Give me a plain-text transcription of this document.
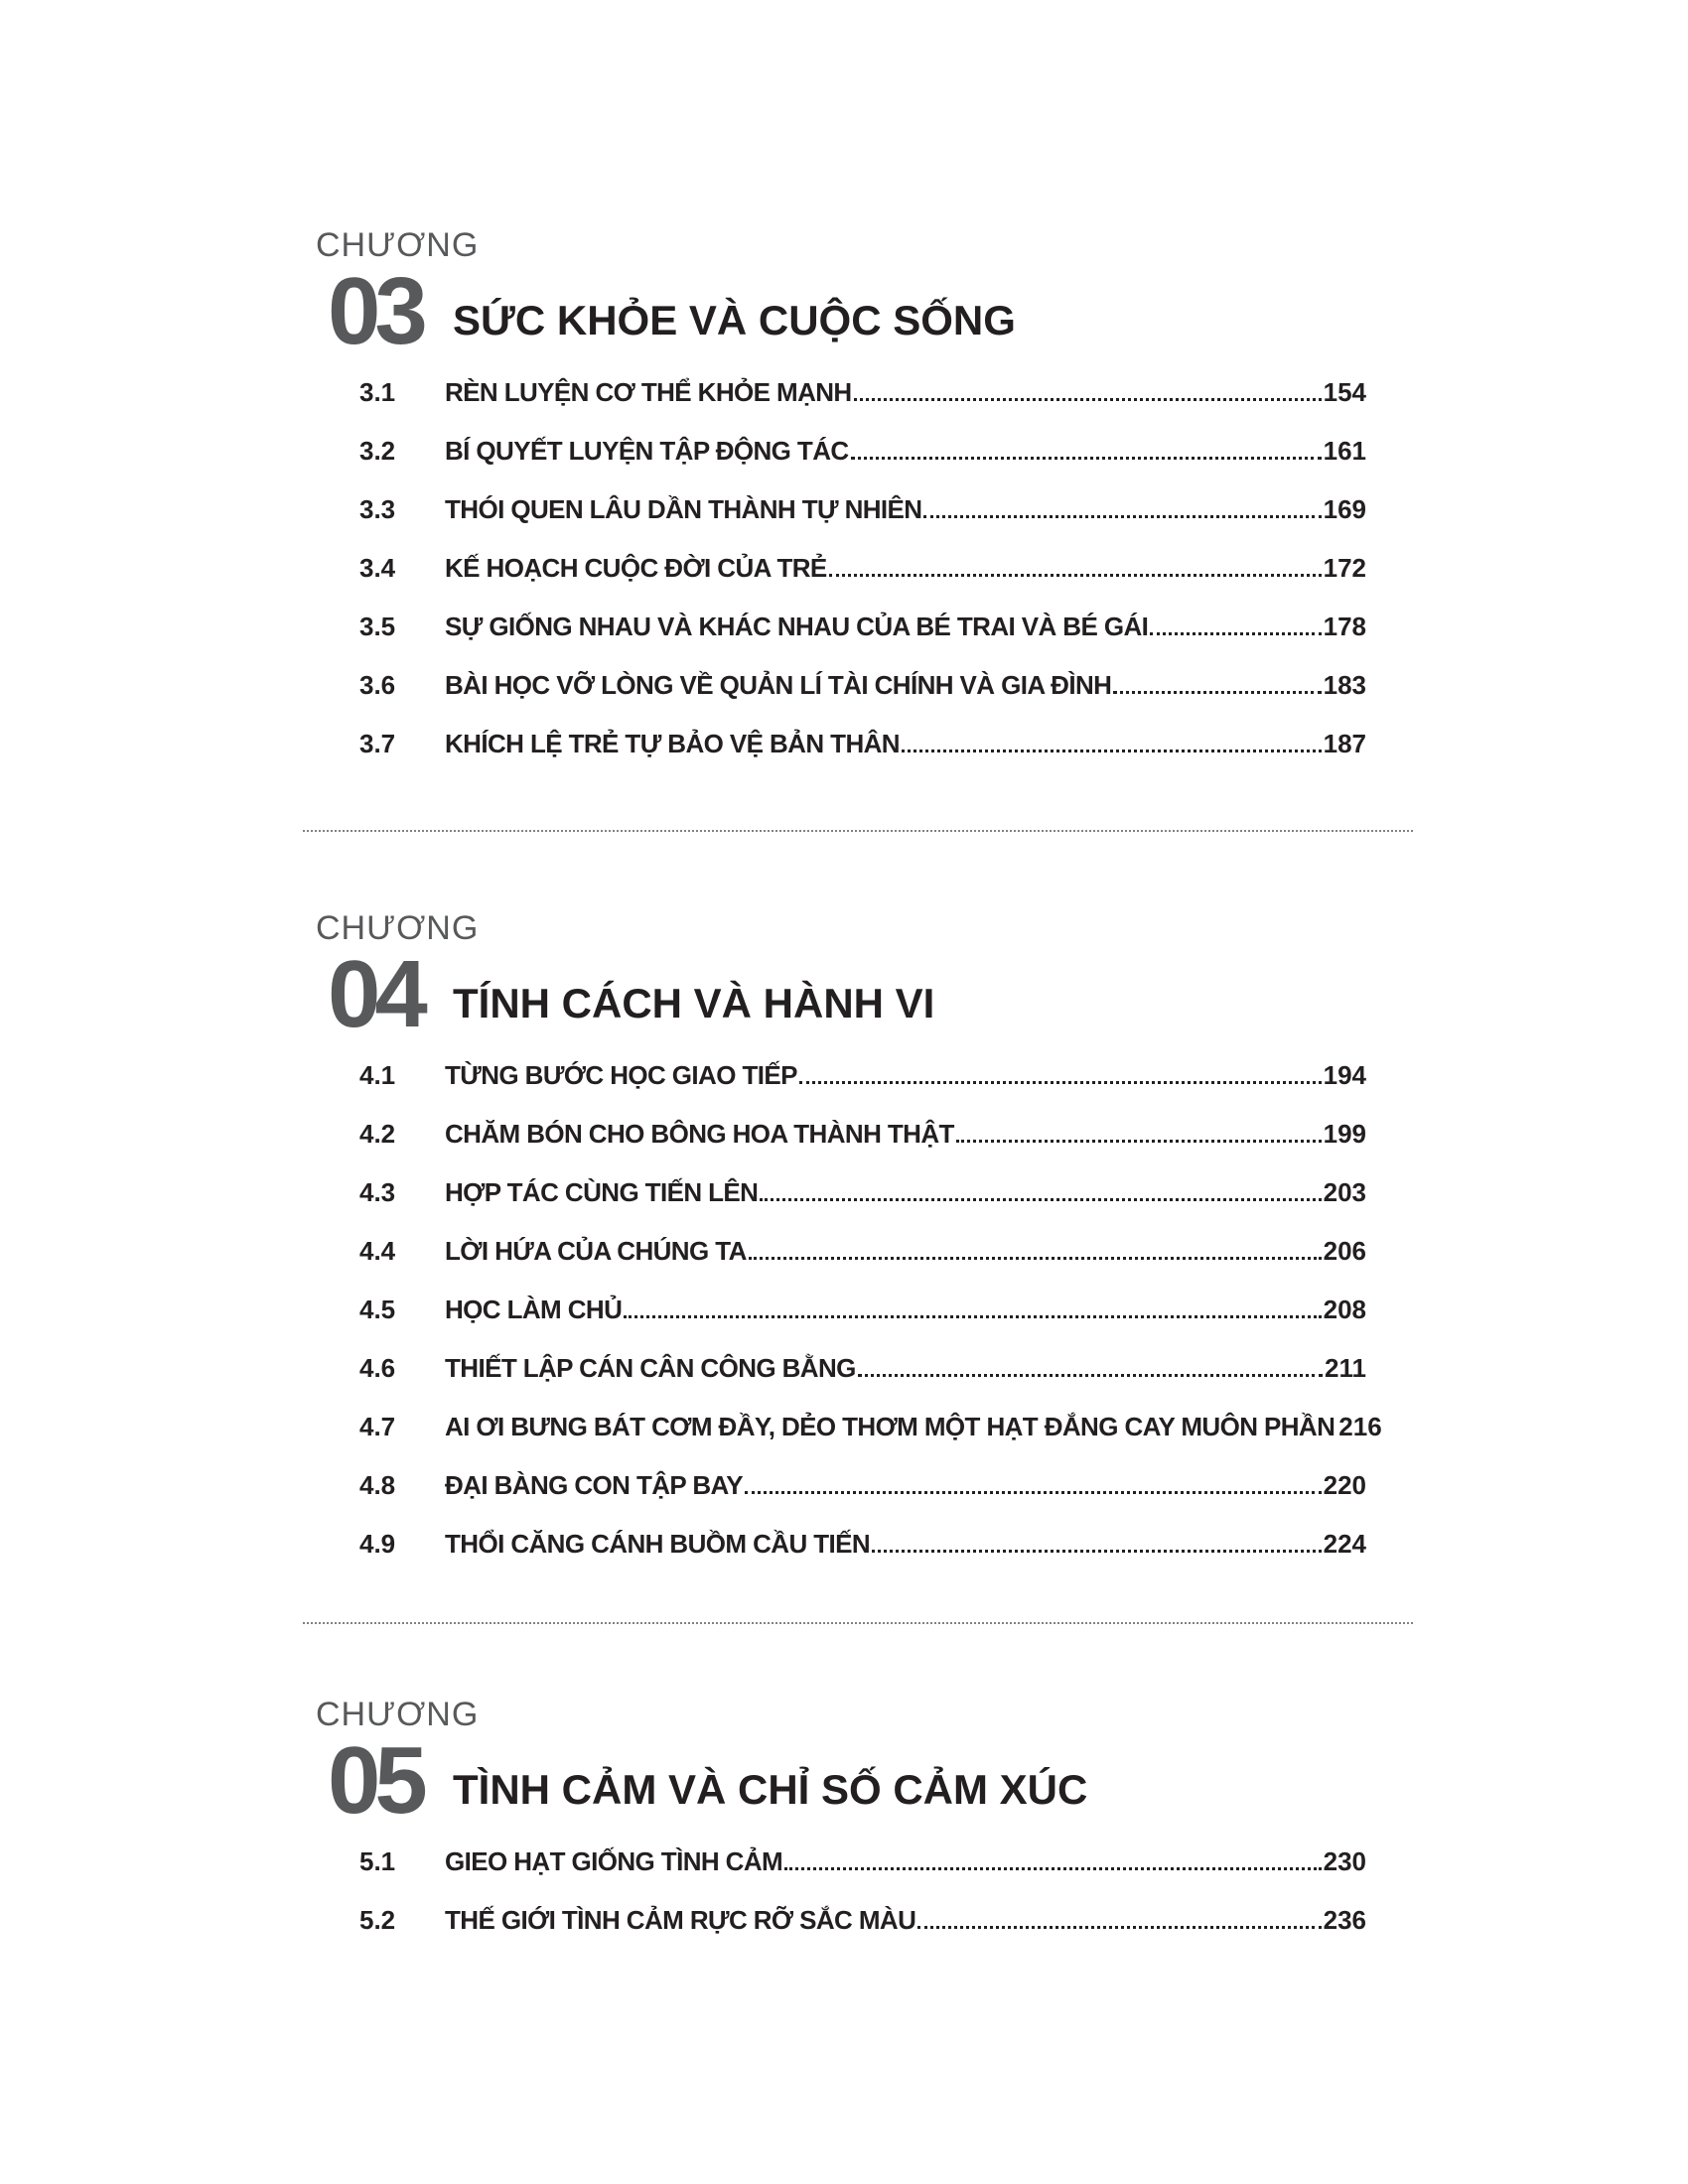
CHƯƠNG
03 SỨC KHỎE VÀ CUỘC SỐNG
3.1	RÈN LUYỆN CƠ THỂ KHỎE MẠNH	154
3.2	BÍ QUYẾT LUYỆN TẬP ĐỘNG TÁC	161
3.3	THÓI QUEN LÂU DẦN THÀNH TỰ NHIÊN	169
3.4	KẾ HOẠCH CUỘC ĐỜI CỦA TRẺ	172
3.5	SỰ GIỐNG NHAU VÀ KHÁC NHAU CỦA BÉ TRAI VÀ BÉ GÁI	178
3.6	BÀI HỌC VỠ LÒNG VỀ QUẢN LÍ TÀI CHÍNH VÀ GIA ĐÌNH	183
3.7	KHÍCH LỆ TRẺ TỰ BẢO VỆ BẢN THÂN	187
CHƯƠNG
04 TÍNH CÁCH VÀ HÀNH VI
4.1	TỪNG BƯỚC HỌC GIAO TIẾP	194
4.2	CHĂM BÓN CHO BÔNG HOA THÀNH THẬT	199
4.3	HỢP TÁC CÙNG TIẾN LÊN	203
4.4	LỜI HỨA CỦA CHÚNG TA	206
4.5	HỌC LÀM CHỦ	208
4.6	THIẾT LẬP CÁN CÂN CÔNG BẰNG	211
4.7	AI ƠI BƯNG BÁT CƠM ĐẦY, DẺO THƠM MỘT HẠT ĐẮNG CAY MUÔN PHẦN 216
4.8	ĐẠI BÀNG CON TẬP BAY	220
4.9	THỔI CĂNG CÁNH BUỒM CẦU TIẾN	224
CHƯƠNG
05 TÌNH CẢM VÀ CHỈ SỐ CẢM XÚC
5.1	GIEO HẠT GIỐNG TÌNH CẢM	230
5.2	THẾ GIỚI TÌNH CẢM RỰC RỠ SẮC MÀU	236
